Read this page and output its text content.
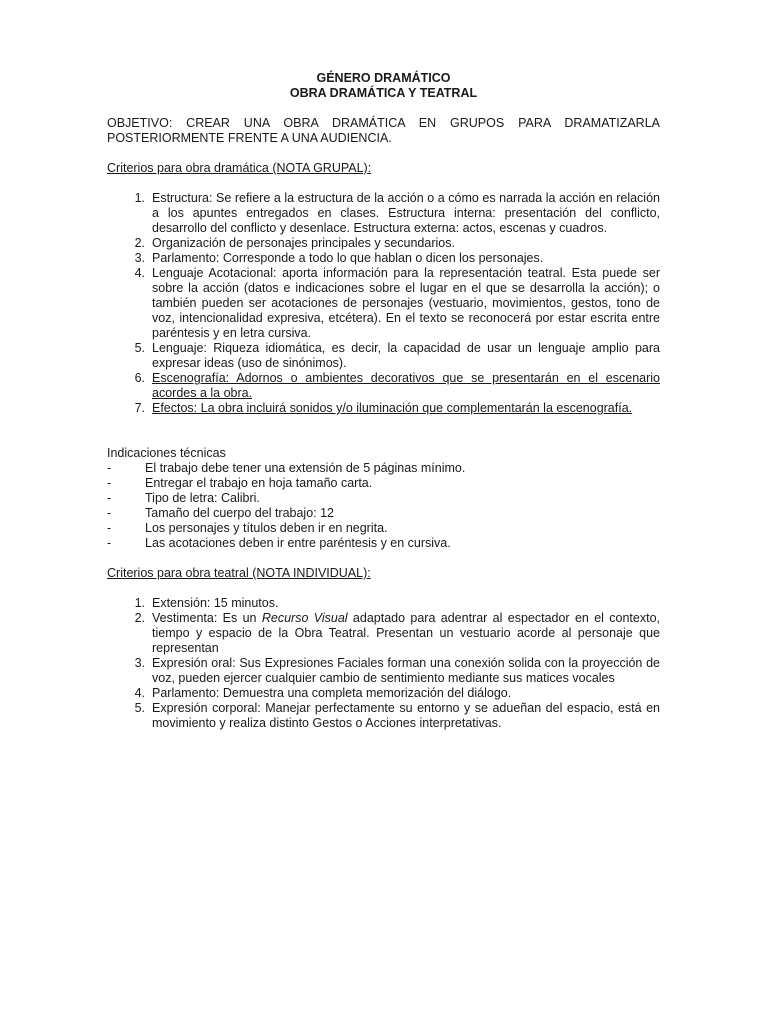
GÉNERO DRAMÁTICO

OBRA DRAMÁTICA Y TEATRAL

OBJETIVO: CREAR UNA OBRA DRAMÁTICA EN GRUPOS PARA DRAMATIZARLA POSTERIORMENTE FRENTE A UNA AUDIENCIA.
Criterios para obra dramática (NOTA GRUPAL):
1. Estructura: Se refiere a la estructura de la acción o a cómo es narrada la acción en relación a los apuntes entregados en clases. Estructura interna: presentación del conflicto, desarrollo del conflicto y desenlace. Estructura externa: actos, escenas y cuadros.
2. Organización de personajes principales y secundarios.
3. Parlamento: Corresponde a todo lo que hablan o dicen los personajes.
4. Lenguaje Acotacional: aporta información para la representación teatral. Esta puede ser sobre la acción (datos e indicaciones sobre el lugar en el que se desarrolla la acción); o también pueden ser acotaciones de personajes (vestuario, movimientos, gestos, tono de voz, intencionalidad expresiva, etcétera). En el texto se reconocerá por estar escrita entre paréntesis y en letra cursiva.
5. Lenguaje: Riqueza idiomática, es decir, la capacidad de usar un lenguaje amplio para expresar ideas (uso de sinónimos).
6. Escenografía: Adornos o ambientes decorativos que se presentarán en el escenario acordes a la obra.
7. Efectos: La obra incluirá sonidos y/o iluminación que complementarán la escenografía.
Indicaciones técnicas
-	El trabajo debe tener una extensión de 5 páginas mínimo.
-	Entregar el trabajo en hoja tamaño carta.
-	Tipo de letra: Calibri.
-	Tamaño del cuerpo del trabajo: 12
-	Los personajes y títulos deben ir en negrita.
-	Las acotaciones deben ir entre paréntesis y en cursiva.
Criterios para obra teatral (NOTA INDIVIDUAL):
1. Extensión: 15 minutos.
2. Vestimenta: Es un Recurso Visual adaptado para adentrar al espectador en el contexto, tiempo y espacio de la Obra Teatral. Presentan un vestuario acorde al personaje que representan
3. Expresión oral: Sus Expresiones Faciales forman una conexión solida con la proyección de voz, pueden ejercer cualquier cambio de sentimiento mediante sus matices vocales
4. Parlamento: Demuestra una completa memorización del diálogo.
5. Expresión corporal: Manejar perfectamente su entorno y se adueñan del espacio, está en movimiento y realiza distinto Gestos o Acciones interpretativas.
